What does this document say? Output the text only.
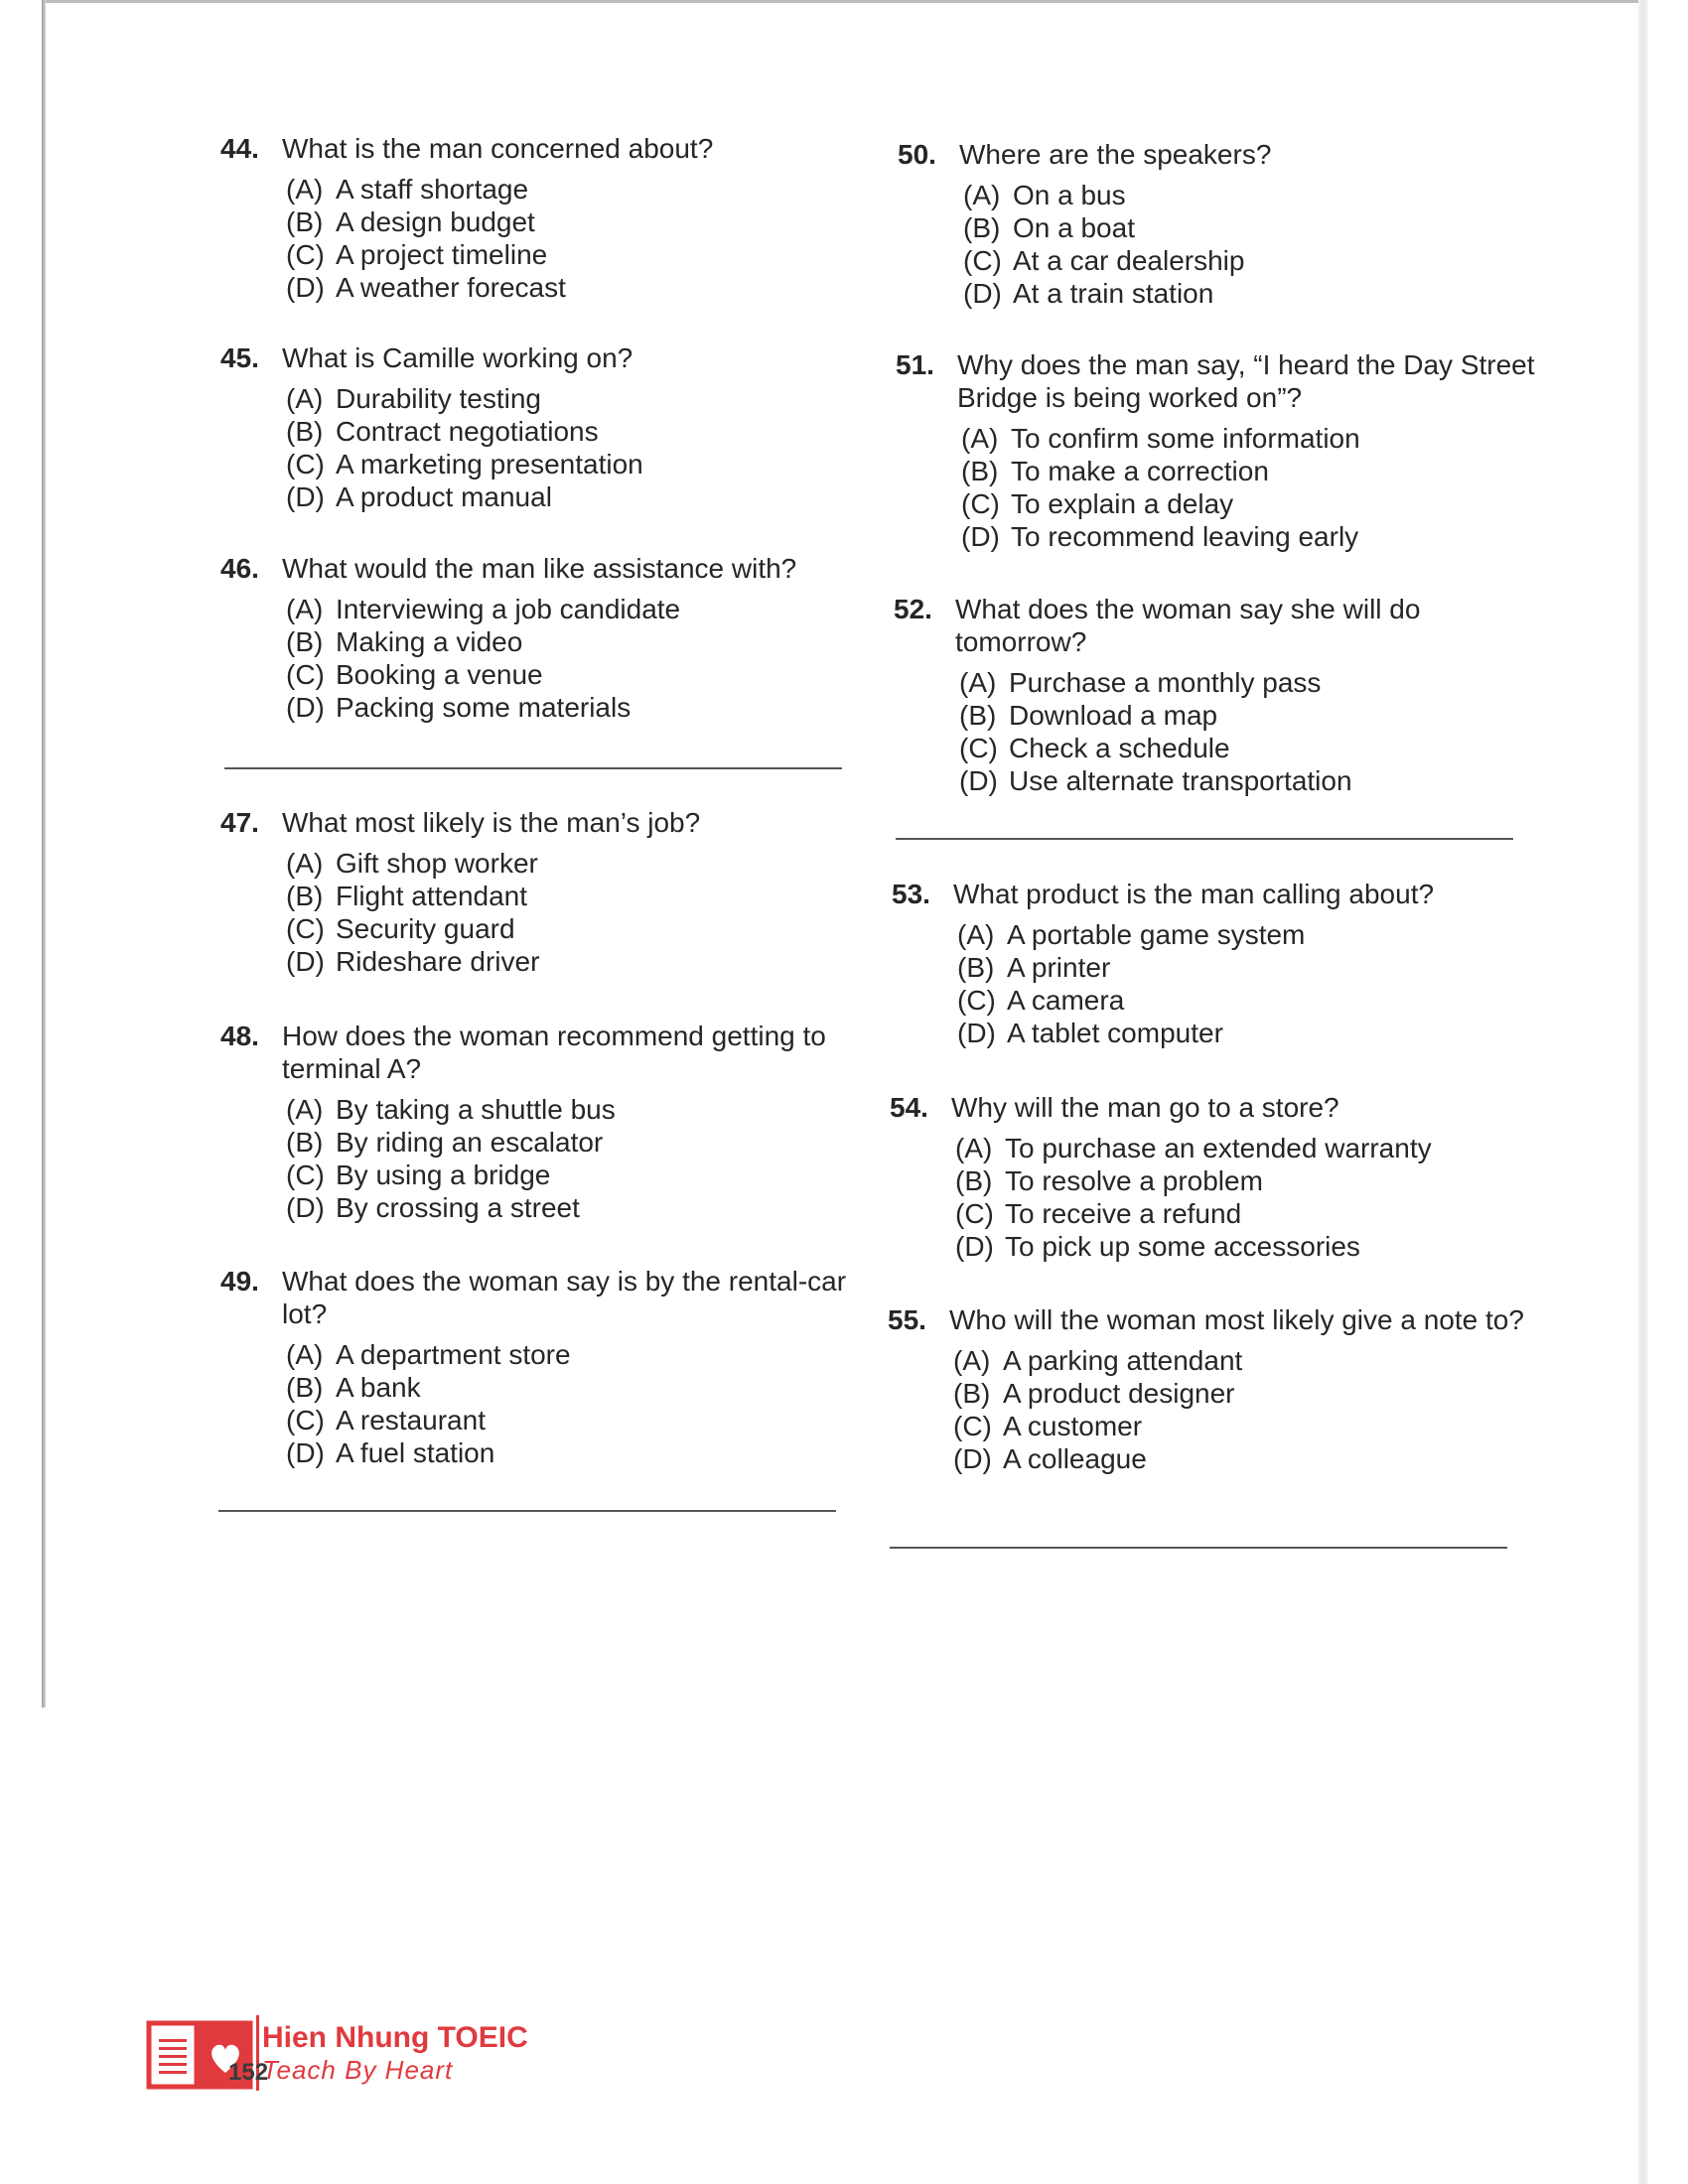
44. What is the man concerned about?
(A) A staff shortage
(B) A design budget
(C) A project timeline
(D) A weather forecast
45. What is Camille working on?
(A) Durability testing
(B) Contract negotiations
(C) A marketing presentation
(D) A product manual
46. What would the man like assistance with?
(A) Interviewing a job candidate
(B) Making a video
(C) Booking a venue
(D) Packing some materials
47. What most likely is the man’s job?
(A) Gift shop worker
(B) Flight attendant
(C) Security guard
(D) Rideshare driver
48. How does the woman recommend getting to terminal A?
(A) By taking a shuttle bus
(B) By riding an escalator
(C) By using a bridge
(D) By crossing a street
49. What does the woman say is by the rental-car lot?
(A) A department store
(B) A bank
(C) A restaurant
(D) A fuel station
50. Where are the speakers?
(A) On a bus
(B) On a boat
(C) At a car dealership
(D) At a train station
51. Why does the man say, “I heard the Day Street Bridge is being worked on”?
(A) To confirm some information
(B) To make a correction
(C) To explain a delay
(D) To recommend leaving early
52. What does the woman say she will do tomorrow?
(A) Purchase a monthly pass
(B) Download a map
(C) Check a schedule
(D) Use alternate transportation
53. What product is the man calling about?
(A) A portable game system
(B) A printer
(C) A camera
(D) A tablet computer
54. Why will the man go to a store?
(A) To purchase an extended warranty
(B) To resolve a problem
(C) To receive a refund
(D) To pick up some accessories
55. Who will the woman most likely give a note to?
(A) A parking attendant
(B) A product designer
(C) A customer
(D) A colleague
Hien Nhung TOEIC
Teach By Heart
152
